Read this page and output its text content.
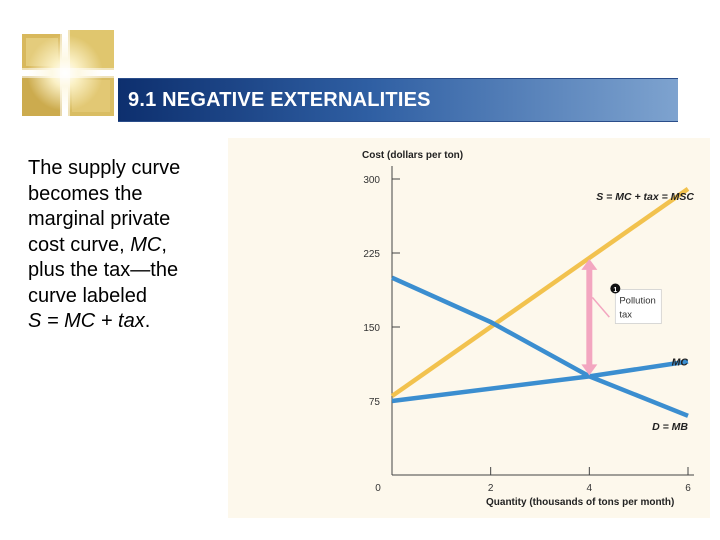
9.1 NEGATIVE EXTERNALITIES
The supply curve
becomes the
marginal private
cost curve, MC,
plus the tax—the
curve labeled
S = MC + tax.
75
150
225
300
0	2	4	6
S = MC + tax = MSC
MC
D = MB
1
Pollution
tax
Cost (dollars per ton)
Quantity (thousands of tons per month)
